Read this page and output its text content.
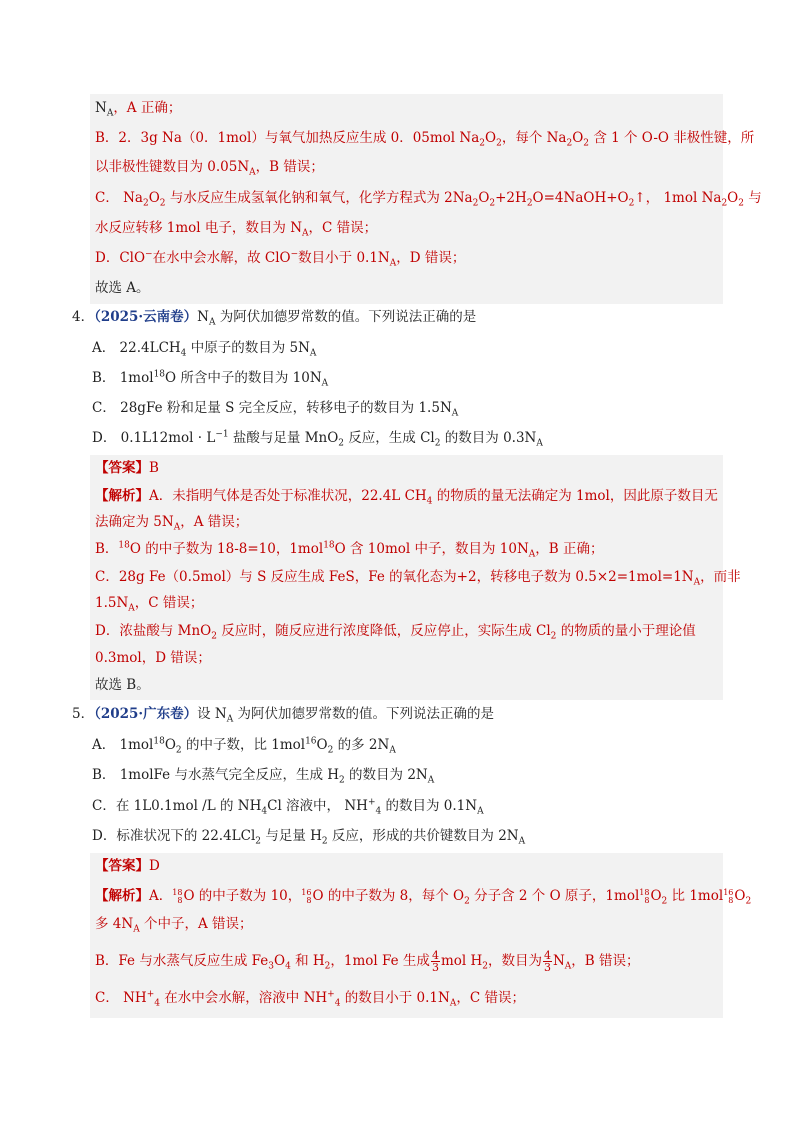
$N_A$，A 正确；
B．2．3g Na（0．1mol）与氧气加热反应生成 0．05mol $Na_2O_2$，每个 $Na_2O_2$ 含 1 个 O-O 非极性键，所
以非极性键数目为 $0.05N_A$，B 错误；
C． $Na_2O_2$ 与水反应生成氢氧化钠和氧气，化学方程式为 $2Na_2O_2+2H_2O=4NaOH+O_2↑$， 1mol $Na_2O_2$ 与
水反应转移 1mol 电子，数目为 $N_A$，C 错误；
D．ClO−在水中会水解，故 ClO−数目小于 $0.1N_A$，D 错误；
故选 A。
4．（2025·云南卷）$N_A$ 为阿伏加德罗常数的值。下列说法正确的是
A． $22.4LCH_4$ 中原子的数目为 $5N_A$
B． 1mol$^{18}$O 所含中子的数目为 $10N_A$
C． 28gFe 粉和足量 S 完全反应，转移电子的数目为 $1.5N_A$
D． $0.1L12mol \cdot L^{-1}$ 盐酸与足量 MnO$_2$ 反应，生成 $Cl_2$ 的数目为 $0.3N_A$
【答案】B
【解析】A．未指明气体是否处于标准状况，22.4L $CH_4$ 的物质的量无法确定为 1mol，因此原子数目无
法确定为 $5N_A$，A 错误；
B．$^{18}$O 的中子数为 18-8=10，1mol$^{18}$O 含 10mol 中子，数目为 $10N_A$，B 正确；
C．28g Fe（0.5mol）与 S 反应生成 FeS，Fe 的氧化态为+2，转移电子数为 $0.5\times 2=1mol=1N_A$，而非
$1.5N_A$，C 错误；
D．浓盐酸与 MnO$_2$ 反应时，随反应进行浓度降低，反应停止，实际生成 $Cl_2$ 的物质的量小于理论值
0.3mol，D 错误；
故选 B。
5．（2025·广东卷）设 $N_A$ 为阿伏加德罗常数的值。下列说法正确的是
A． $1mol^{18}O_2$ 的中子数，比 $1mol^{16}O_2$ 的多 $2N_A$
B． 1molFe 与水蒸气完全反应，生成 $H_2$ 的数目为 $2N_A$
C．在 1L0.1mol /L 的 $NH_4Cl$ 溶液中， $NH^+_4$ 的数目为 $0.1N_A$
D．标准状况下的 22.4LCl$_2$ 与足量 $H_2$ 反应，形成的共价键数目为 $2N_A$
【答案】D
【解析】A． 18
8 O 的中子数为 10， 16
8 O 的中子数为 8，每个 $O_2$ 分子含 2 个 O 原子，1mol 18
8 $O_2$ 比 1mol 16
8 $O_2$
多 $4N_A$ 个中子，A 错误；
B．Fe 与水蒸气反应生成 $Fe_3O_4$ 和 $H_2$，1mol Fe 生成 $\frac{4}{3}$ mol $H_2$，数目为 $\frac{4}{3} N_A$，B 错误；
C． $NH^+_4$ 在水中会水解，溶液中 $NH^+_4$ 的数目小于 $0.1N_A$，C 错误；
